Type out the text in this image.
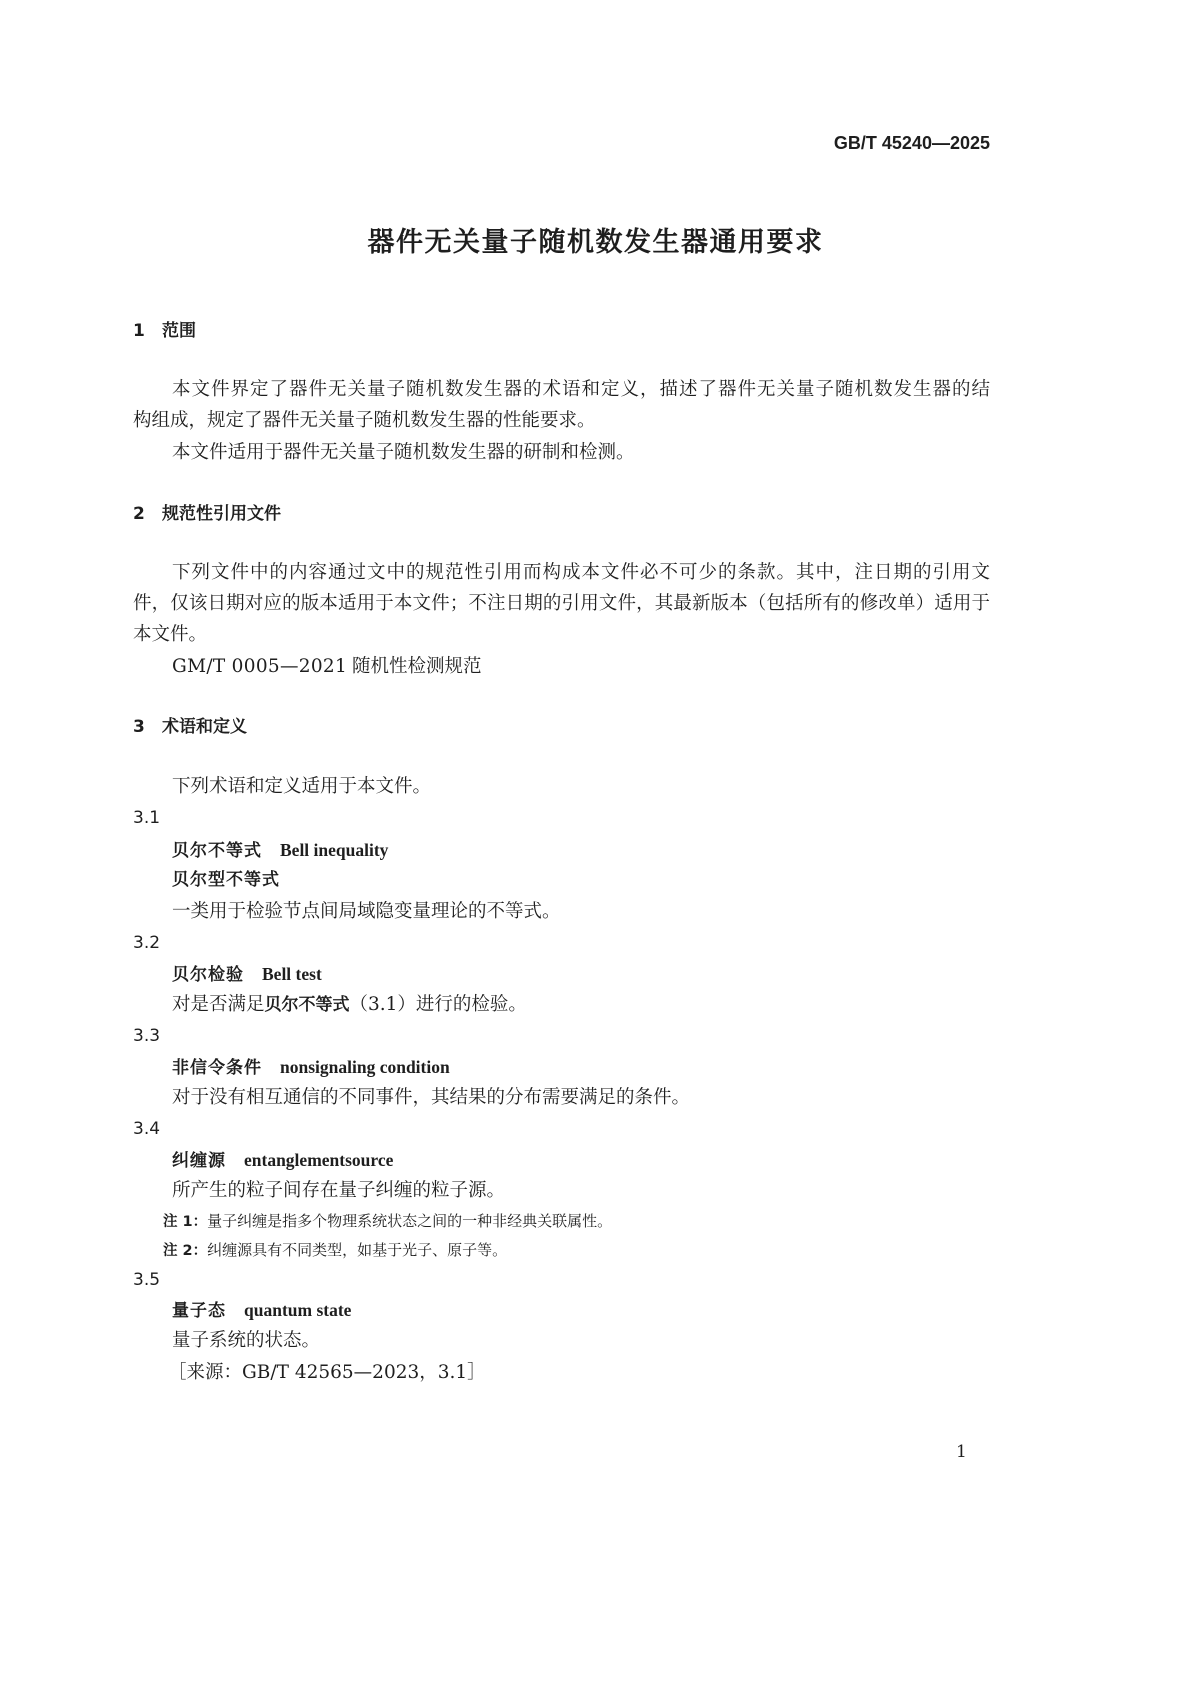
GB/T 45240—2025
器件无关量子随机数发生器通用要求
1 范围
本文件界定了器件无关量子随机数发生器的术语和定义，描述了器件无关量子随机数发生器的结
构组成，规定了器件无关量子随机数发生器的性能要求。
本文件适用于器件无关量子随机数发生器的研制和检测。
2 规范性引用文件
下列文件中的内容通过文中的规范性引用而构成本文件必不可少的条款。其中，注日期的引用文
件，仅该日期对应的版本适用于本文件；不注日期的引用文件，其最新版本（包括所有的修改单）适用于
本文件。
GM/T 0005—2021 随机性检测规范
3 术语和定义
下列术语和定义适用于本文件。
3.1
贝尔不等式 Bell inequality
贝尔型不等式
一类用于检验节点间局域隐变量理论的不等式。
3.2
贝尔检验 Bell test
对是否满足贝尔不等式（3.1）进行的检验。
3.3
非信令条件 nonsignaling condition
对于没有相互通信的不同事件，其结果的分布需要满足的条件。
3.4
纠缠源 entanglementsource
所产生的粒子间存在量子纠缠的粒子源。
注 1：量子纠缠是指多个物理系统状态之间的一种非经典关联属性。
注 2：纠缠源具有不同类型，如基于光子、原子等。
3.5
量子态 quantum state
量子系统的状态。
［来源：GB/T 42565—2023，3.1］
1
